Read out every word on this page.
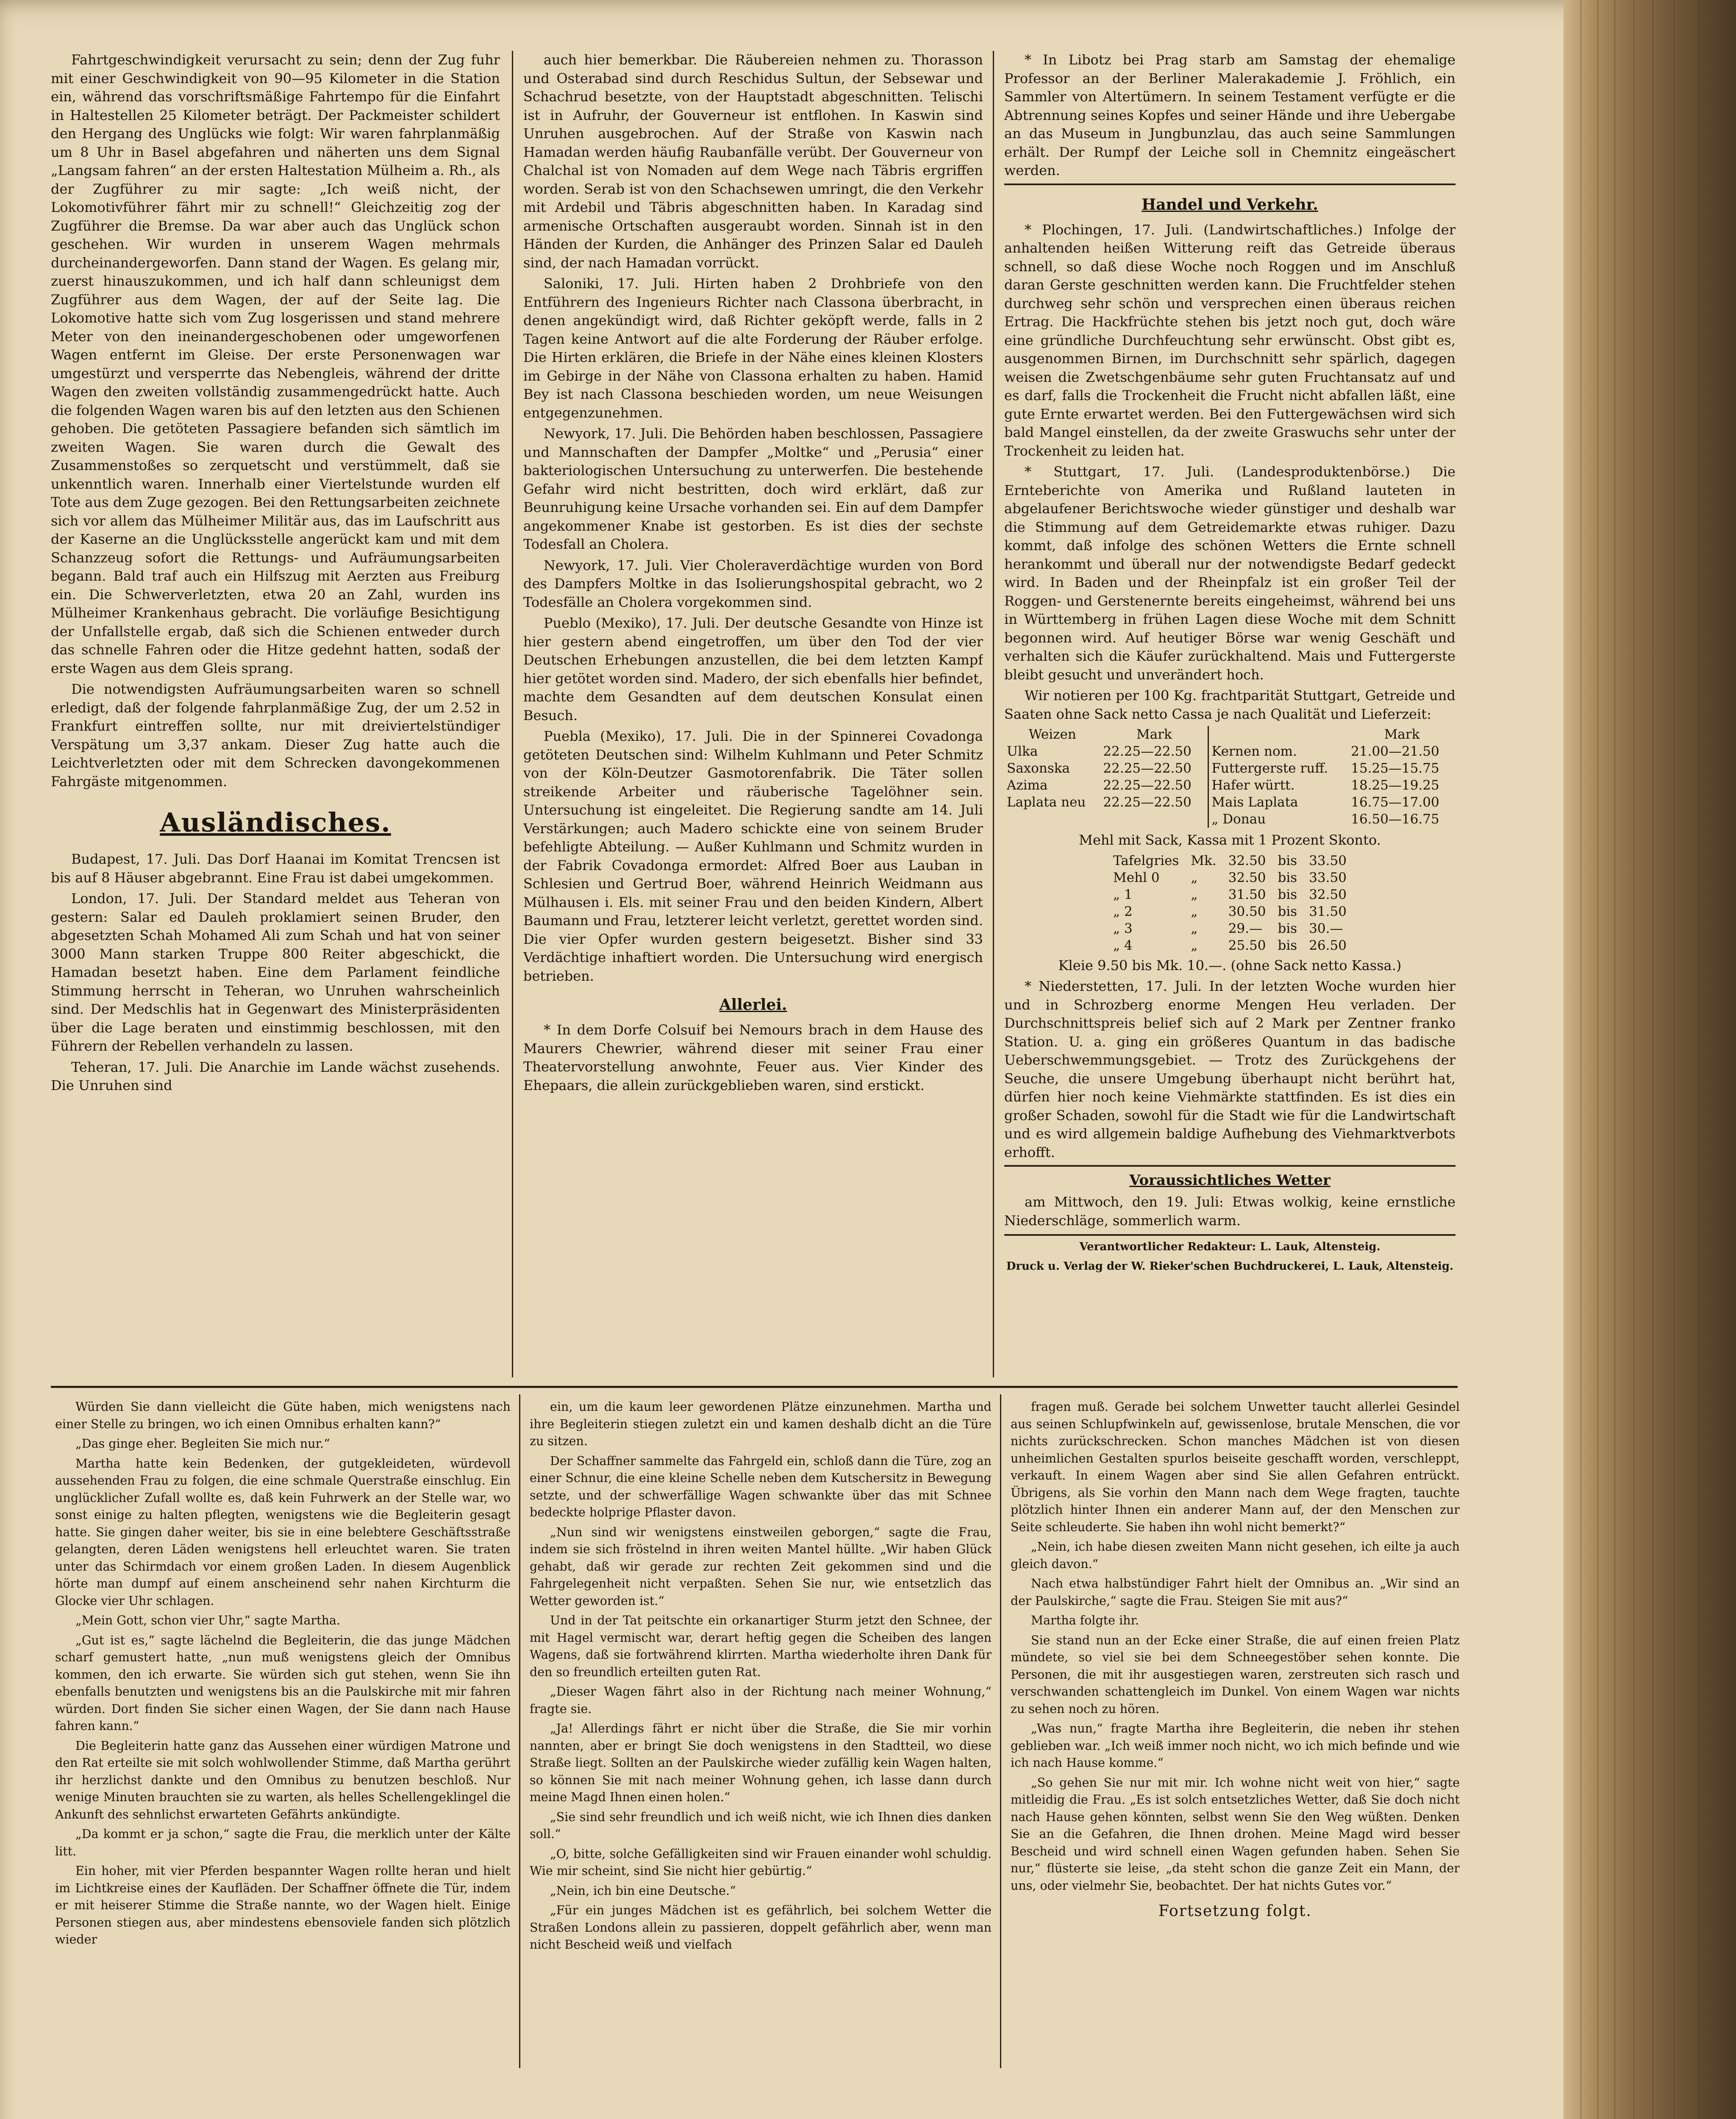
Fahrtgeschwindigkeit verursacht zu sein; denn der Zug fuhr mit einer Geschwindigkeit von 90—95 Kilometer in die Station ein, während das vorschriftsmäßige Fahrtempo für die Einfahrt in Haltestellen 25 Kilometer beträgt. Der Packmeister schildert den Hergang des Unglücks wie folgt: Wir waren fahrplanmäßig um 8 Uhr in Basel abgefahren und näherten uns dem Signal „Langsam fahren“ an der ersten Haltestation Mülheim a. Rh., als der Zugführer zu mir sagte: „Ich weiß nicht, der Lokomotivführer fährt mir zu schnell!“ Gleichzeitig zog der Zugführer die Bremse. Da war aber auch das Unglück schon geschehen. Wir wurden in unserem Wagen mehrmals durcheinandergeworfen. Dann stand der Wagen. Es gelang mir, zuerst hinauszukommen, und ich half dann schleunigst dem Zugführer aus dem Wagen, der auf der Seite lag. Die Lokomotive hatte sich vom Zug losgerissen und stand mehrere Meter von den ineinandergeschobenen oder umgeworfenen Wagen entfernt im Gleise. Der erste Personenwagen war umgestürzt und versperrte das Nebengleis, während der dritte Wagen den zweiten vollständig zusammengedrückt hatte. Auch die folgenden Wagen waren bis auf den letzten aus den Schienen gehoben. Die getöteten Passagiere befanden sich sämtlich im zweiten Wagen. Sie waren durch die Gewalt des Zusammenstoßes so zerquetscht und verstümmelt, daß sie unkenntlich waren. Innerhalb einer Viertelstunde wurden elf Tote aus dem Zuge gezogen. Bei den Rettungsarbeiten zeichnete sich vor allem das Mülheimer Militär aus, das im Laufschritt aus der Kaserne an die Unglücksstelle angerückt kam und mit dem Schanzzeug sofort die Rettungs- und Aufräumungsarbeiten begann. Bald traf auch ein Hilfszug mit Aerzten aus Freiburg ein. Die Schwerverletzten, etwa 20 an Zahl, wurden ins Mülheimer Krankenhaus gebracht. Die vorläufige Besichtigung der Unfallstelle ergab, daß sich die Schienen entweder durch das schnelle Fahren oder die Hitze gedehnt hatten, sodaß der erste Wagen aus dem Gleis sprang.

Die notwendigsten Aufräumungsarbeiten waren so schnell erledigt, daß der folgende fahrplanmäßige Zug, der um 2.52 in Frankfurt eintreffen sollte, nur mit dreiviertelstündiger Verspätung um 3,37 ankam. Dieser Zug hatte auch die Leichtverletzten oder mit dem Schrecken davongekommenen Fahrgäste mitgenommen.

Ausländisches.

Budapest, 17. Juli. Das Dorf Haanai im Komitat Trencsen ist bis auf 8 Häuser abgebrannt. Eine Frau ist dabei umgekommen.

London, 17. Juli. Der Standard meldet aus Teheran von gestern: Salar ed Dauleh proklamiert seinen Bruder, den abgesetzten Schah Mohamed Ali zum Schah und hat von seiner 3000 Mann starken Truppe 800 Reiter abgeschickt, die Hamadan besetzt haben. Eine dem Parlament feindliche Stimmung herrscht in Teheran, wo Unruhen wahrscheinlich sind. Der Medschlis hat in Gegenwart des Ministerpräsidenten über die Lage beraten und einstimmig beschlossen, mit den Führern der Rebellen verhandeln zu lassen.

Teheran, 17. Juli. Die Anarchie im Lande wächst zusehends. Die Unruhen sind

auch hier bemerkbar. Die Räubereien nehmen zu. Thorasson und Osterabad sind durch Reschidus Sultun, der Sebsewar und Schachrud besetzte, von der Hauptstadt abgeschnitten. Telischi ist in Aufruhr, der Gouverneur ist entflohen. In Kaswin sind Unruhen ausgebrochen. Auf der Straße von Kaswin nach Hamadan werden häufig Raubanfälle verübt. Der Gouverneur von Chalchal ist von Nomaden auf dem Wege nach Täbris ergriffen worden. Serab ist von den Schachsewen umringt, die den Verkehr mit Ardebil und Täbris abgeschnitten haben. In Karadag sind armenische Ortschaften ausgeraubt worden. Sinnah ist in den Händen der Kurden, die Anhänger des Prinzen Salar ed Dauleh sind, der nach Hamadan vorrückt.

Saloniki, 17. Juli. Hirten haben 2 Drohbriefe von den Entführern des Ingenieurs Richter nach Classona überbracht, in denen angekündigt wird, daß Richter geköpft werde, falls in 2 Tagen keine Antwort auf die alte Forderung der Räuber erfolge. Die Hirten erklären, die Briefe in der Nähe eines kleinen Klosters im Gebirge in der Nähe von Classona erhalten zu haben. Hamid Bey ist nach Classona beschieden worden, um neue Weisungen entgegenzunehmen.

Newyork, 17. Juli. Die Behörden haben beschlossen, Passagiere und Mannschaften der Dampfer „Moltke“ und „Perusia“ einer bakteriologischen Untersuchung zu unterwerfen. Die bestehende Gefahr wird nicht bestritten, doch wird erklärt, daß zur Beunruhigung keine Ursache vorhanden sei. Ein auf dem Dampfer angekommener Knabe ist gestorben. Es ist dies der sechste Todesfall an Cholera.

Newyork, 17. Juli. Vier Choleraverdächtige wurden von Bord des Dampfers Moltke in das Isolierungshospital gebracht, wo 2 Todesfälle an Cholera vorgekommen sind.

Pueblo (Mexiko), 17. Juli. Der deutsche Gesandte von Hinze ist hier gestern abend eingetroffen, um über den Tod der vier Deutschen Erhebungen anzustellen, die bei dem letzten Kampf hier getötet worden sind. Madero, der sich ebenfalls hier befindet, machte dem Gesandten auf dem deutschen Konsulat einen Besuch.

Puebla (Mexiko), 17. Juli. Die in der Spinnerei Covadonga getöteten Deutschen sind: Wilhelm Kuhlmann und Peter Schmitz von der Köln-Deutzer Gasmotorenfabrik. Die Täter sollen streikende Arbeiter und räuberische Tagelöhner sein. Untersuchung ist eingeleitet. Die Regierung sandte am 14. Juli Verstärkungen; auch Madero schickte eine von seinem Bruder befehligte Abteilung. — Außer Kuhlmann und Schmitz wurden in der Fabrik Covadonga ermordet: Alfred Boer aus Lauban in Schlesien und Gertrud Boer, während Heinrich Weidmann aus Mülhausen i. Els. mit seiner Frau und den beiden Kindern, Albert Baumann und Frau, letzterer leicht verletzt, gerettet worden sind. Die vier Opfer wurden gestern beigesetzt. Bisher sind 33 Verdächtige inhaftiert worden. Die Untersuchung wird energisch betrieben.

Allerlei.

* In dem Dorfe Colsuif bei Nemours brach in dem Hause des Maurers Chewrier, während dieser mit seiner Frau einer Theatervorstellung anwohnte, Feuer aus. Vier Kinder des Ehepaars, die allein zurückgeblieben waren, sind erstickt.

* In Libotz bei Prag starb am Samstag der ehemalige Professor an der Berliner Malerakademie J. Fröhlich, ein Sammler von Altertümern. In seinem Testament verfügte er die Abtrennung seines Kopfes und seiner Hände und ihre Uebergabe an das Museum in Jungbunzlau, das auch seine Sammlungen erhält. Der Rumpf der Leiche soll in Chemnitz eingeäschert werden.

Handel und Verkehr.

* Plochingen, 17. Juli. (Landwirtschaftliches.) Infolge der anhaltenden heißen Witterung reift das Getreide überaus schnell, so daß diese Woche noch Roggen und im Anschluß daran Gerste geschnitten werden kann. Die Fruchtfelder stehen durchweg sehr schön und versprechen einen überaus reichen Ertrag. Die Hackfrüchte stehen bis jetzt noch gut, doch wäre eine gründliche Durchfeuchtung sehr erwünscht. Obst gibt es, ausgenommen Birnen, im Durchschnitt sehr spärlich, dagegen weisen die Zwetschgenbäume sehr guten Fruchtansatz auf und es darf, falls die Trockenheit die Frucht nicht abfallen läßt, eine gute Ernte erwartet werden. Bei den Futtergewächsen wird sich bald Mangel einstellen, da der zweite Graswuchs sehr unter der Trockenheit zu leiden hat.

* Stuttgart, 17. Juli. (Landesproduktenbörse.) Die Ernteberichte von Amerika und Rußland lauteten in abgelaufener Berichtswoche wieder günstiger und deshalb war die Stimmung auf dem Getreidemarkte etwas ruhiger. Dazu kommt, daß infolge des schönen Wetters die Ernte schnell herankommt und überall nur der notwendigste Bedarf gedeckt wird. In Baden und der Rheinpfalz ist ein großer Teil der Roggen- und Gerstenernte bereits eingeheimst, während bei uns in Württemberg in frühen Lagen diese Woche mit dem Schnitt begonnen wird. Auf heutiger Börse war wenig Geschäft und verhalten sich die Käufer zurückhaltend. Mais und Futtergerste bleibt gesucht und unverändert hoch.

Wir notieren per 100 Kg. frachtparität Stuttgart, Getreide und Saaten ohne Sack netto Cassa je nach Qualität und Lieferzeit:

Weizen	Mark		Mark
Ulka	22.25—22.50	Kernen nom.	21.00—21.50
Saxonska	22.25—22.50	Futtergerste ruff.	15.25—15.75
Azima	22.25—22.50	Hafer württ.	18.25—19.25
Laplata neu	22.25—22.50	Mais Laplata	16.75—17.00
		„ Donau	16.50—16.75

Mehl mit Sack, Kassa mit 1 Prozent Skonto.

Tafelgries	Mk.	32.50	bis	33.50
Mehl 0	„	32.50	bis	33.50
„ 1	„	31.50	bis	32.50
„ 2	„	30.50	bis	31.50
„ 3	„	29.—	bis	30.—
„ 4	„	25.50	bis	26.50

Kleie 9.50 bis Mk. 10.—. (ohne Sack netto Kassa.)

* Niederstetten, 17. Juli. In der letzten Woche wurden hier und in Schrozberg enorme Mengen Heu verladen. Der Durchschnittspreis belief sich auf 2 Mark per Zentner franko Station. U. a. ging ein größeres Quantum in das badische Ueberschwemmungsgebiet. — Trotz des Zurückgehens der Seuche, die unsere Umgebung überhaupt nicht berührt hat, dürfen hier noch keine Viehmärkte stattfinden. Es ist dies ein großer Schaden, sowohl für die Stadt wie für die Landwirtschaft und es wird allgemein baldige Aufhebung des Viehmarktverbots erhofft.

Voraussichtliches Wetter

am Mittwoch, den 19. Juli: Etwas wolkig, keine ernstliche Niederschläge, sommerlich warm.

Verantwortlicher Redakteur: L. Lauk, Altensteig.

Druck u. Verlag der W. Rieker'schen Buchdruckerei, L. Lauk, Altensteig.

Würden Sie dann vielleicht die Güte haben, mich wenigstens nach einer Stelle zu bringen, wo ich einen Omnibus erhalten kann?“

„Das ginge eher. Begleiten Sie mich nur.“

Martha hatte kein Bedenken, der gutgekleideten, würdevoll aussehenden Frau zu folgen, die eine schmale Querstraße einschlug. Ein unglücklicher Zufall wollte es, daß kein Fuhrwerk an der Stelle war, wo sonst einige zu halten pflegten, wenigstens wie die Begleiterin gesagt hatte. Sie gingen daher weiter, bis sie in eine belebtere Geschäftsstraße gelangten, deren Läden wenigstens hell erleuchtet waren. Sie traten unter das Schirmdach vor einem großen Laden. In diesem Augenblick hörte man dumpf auf einem anscheinend sehr nahen Kirchturm die Glocke vier Uhr schlagen.

„Mein Gott, schon vier Uhr,“ sagte Martha.

„Gut ist es,“ sagte lächelnd die Begleiterin, die das junge Mädchen scharf gemustert hatte, „nun muß wenigstens gleich der Omnibus kommen, den ich erwarte. Sie würden sich gut stehen, wenn Sie ihn ebenfalls benutzten und wenigstens bis an die Paulskirche mit mir fahren würden. Dort finden Sie sicher einen Wagen, der Sie dann nach Hause fahren kann.“

Die Begleiterin hatte ganz das Aussehen einer würdigen Matrone und den Rat erteilte sie mit solch wohlwollender Stimme, daß Martha gerührt ihr herzlichst dankte und den Omnibus zu benutzen beschloß. Nur wenige Minuten brauchten sie zu warten, als helles Schellengeklingel die Ankunft des sehnlichst erwarteten Gefährts ankündigte.

„Da kommt er ja schon,“ sagte die Frau, die merklich unter der Kälte litt.

Ein hoher, mit vier Pferden bespannter Wagen rollte heran und hielt im Lichtkreise eines der Kaufläden. Der Schaffner öffnete die Tür, indem er mit heiserer Stimme die Straße nannte, wo der Wagen hielt. Einige Personen stiegen aus, aber mindestens ebensoviele fanden sich plötzlich wieder

ein, um die kaum leer gewordenen Plätze einzunehmen. Martha und ihre Begleiterin stiegen zuletzt ein und kamen deshalb dicht an die Türe zu sitzen.

Der Schaffner sammelte das Fahrgeld ein, schloß dann die Türe, zog an einer Schnur, die eine kleine Schelle neben dem Kutschersitz in Bewegung setzte, und der schwerfällige Wagen schwankte über das mit Schnee bedeckte holprige Pflaster davon.

„Nun sind wir wenigstens einstweilen geborgen,“ sagte die Frau, indem sie sich fröstelnd in ihren weiten Mantel hüllte. „Wir haben Glück gehabt, daß wir gerade zur rechten Zeit gekommen sind und die Fahrgelegenheit nicht verpaßten. Sehen Sie nur, wie entsetzlich das Wetter geworden ist.“

Und in der Tat peitschte ein orkanartiger Sturm jetzt den Schnee, der mit Hagel vermischt war, derart heftig gegen die Scheiben des langen Wagens, daß sie fortwährend klirrten. Martha wiederholte ihren Dank für den so freundlich erteilten guten Rat.

„Dieser Wagen fährt also in der Richtung nach meiner Wohnung,“ fragte sie.

„Ja! Allerdings fährt er nicht über die Straße, die Sie mir vorhin nannten, aber er bringt Sie doch wenigstens in den Stadtteil, wo diese Straße liegt. Sollten an der Paulskirche wieder zufällig kein Wagen halten, so können Sie mit nach meiner Wohnung gehen, ich lasse dann durch meine Magd Ihnen einen holen.“

„Sie sind sehr freundlich und ich weiß nicht, wie ich Ihnen dies danken soll.“

„O, bitte, solche Gefälligkeiten sind wir Frauen einander wohl schuldig. Wie mir scheint, sind Sie nicht hier gebürtig.“

„Nein, ich bin eine Deutsche.“

„Für ein junges Mädchen ist es gefährlich, bei solchem Wetter die Straßen Londons allein zu passieren, doppelt gefährlich aber, wenn man nicht Bescheid weiß und vielfach

fragen muß. Gerade bei solchem Unwetter taucht allerlei Gesindel aus seinen Schlupfwinkeln auf, gewissenlose, brutale Menschen, die vor nichts zurückschrecken. Schon manches Mädchen ist von diesen unheimlichen Gestalten spurlos beiseite geschafft worden, verschleppt, verkauft. In einem Wagen aber sind Sie allen Gefahren entrückt. Übrigens, als Sie vorhin den Mann nach dem Wege fragten, tauchte plötzlich hinter Ihnen ein anderer Mann auf, der den Menschen zur Seite schleuderte. Sie haben ihn wohl nicht bemerkt?“

„Nein, ich habe diesen zweiten Mann nicht gesehen, ich eilte ja auch gleich davon.“

Nach etwa halbstündiger Fahrt hielt der Omnibus an. „Wir sind an der Paulskirche,“ sagte die Frau. Steigen Sie mit aus?“

Martha folgte ihr.

Sie stand nun an der Ecke einer Straße, die auf einen freien Platz mündete, so viel sie bei dem Schneegestöber sehen konnte. Die Personen, die mit ihr ausgestiegen waren, zerstreuten sich rasch und verschwanden schattengleich im Dunkel. Von einem Wagen war nichts zu sehen noch zu hören.

„Was nun,“ fragte Martha ihre Begleiterin, die neben ihr stehen geblieben war. „Ich weiß immer noch nicht, wo ich mich befinde und wie ich nach Hause komme.“

„So gehen Sie nur mit mir. Ich wohne nicht weit von hier,“ sagte mitleidig die Frau. „Es ist solch entsetzliches Wetter, daß Sie doch nicht nach Hause gehen könnten, selbst wenn Sie den Weg wüßten. Denken Sie an die Gefahren, die Ihnen drohen. Meine Magd wird besser Bescheid und wird schnell einen Wagen gefunden haben. Sehen Sie nur,“ flüsterte sie leise, „da steht schon die ganze Zeit ein Mann, der uns, oder vielmehr Sie, beobachtet. Der hat nichts Gutes vor.“

Fortsetzung folgt.
